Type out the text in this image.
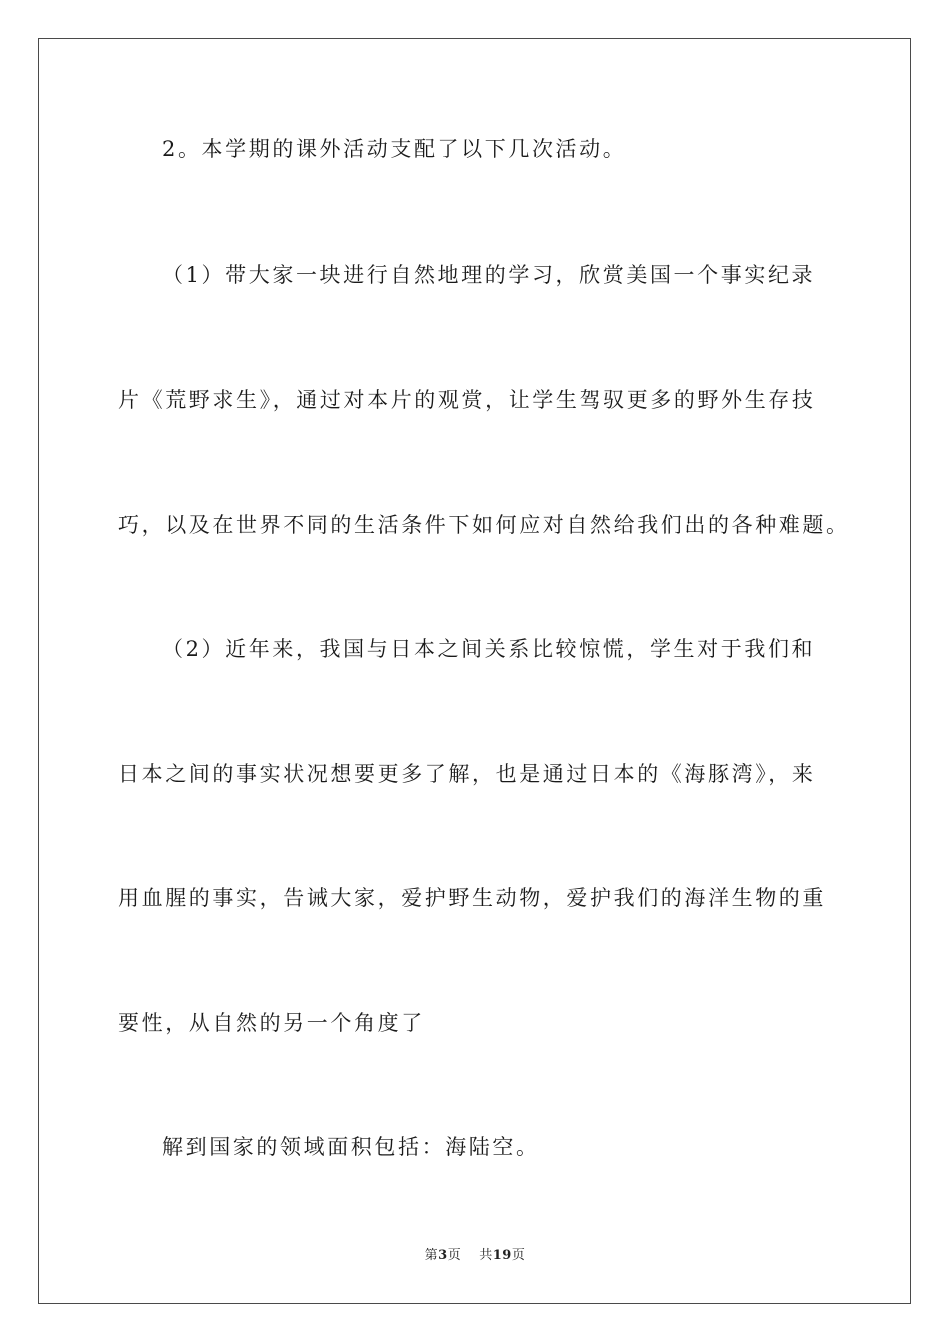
2。本学期的课外活动支配了以下几次活动。
（1）带大家一块进行自然地理的学习，欣赏美国一个事实纪录
片《荒野求生》，通过对本片的观赏，让学生驾驭更多的野外生存技
巧，以及在世界不同的生活条件下如何应对自然给我们出的各种难题。
（2）近年来，我国与日本之间关系比较惊慌，学生对于我们和
日本之间的事实状况想要更多了解，也是通过日本的《海豚湾》，来
用血腥的事实，告诫大家，爱护野生动物，爱护我们的海洋生物的重
要性，从自然的另一个角度了
解到国家的领域面积包括：海陆空。
第3页 共19页
